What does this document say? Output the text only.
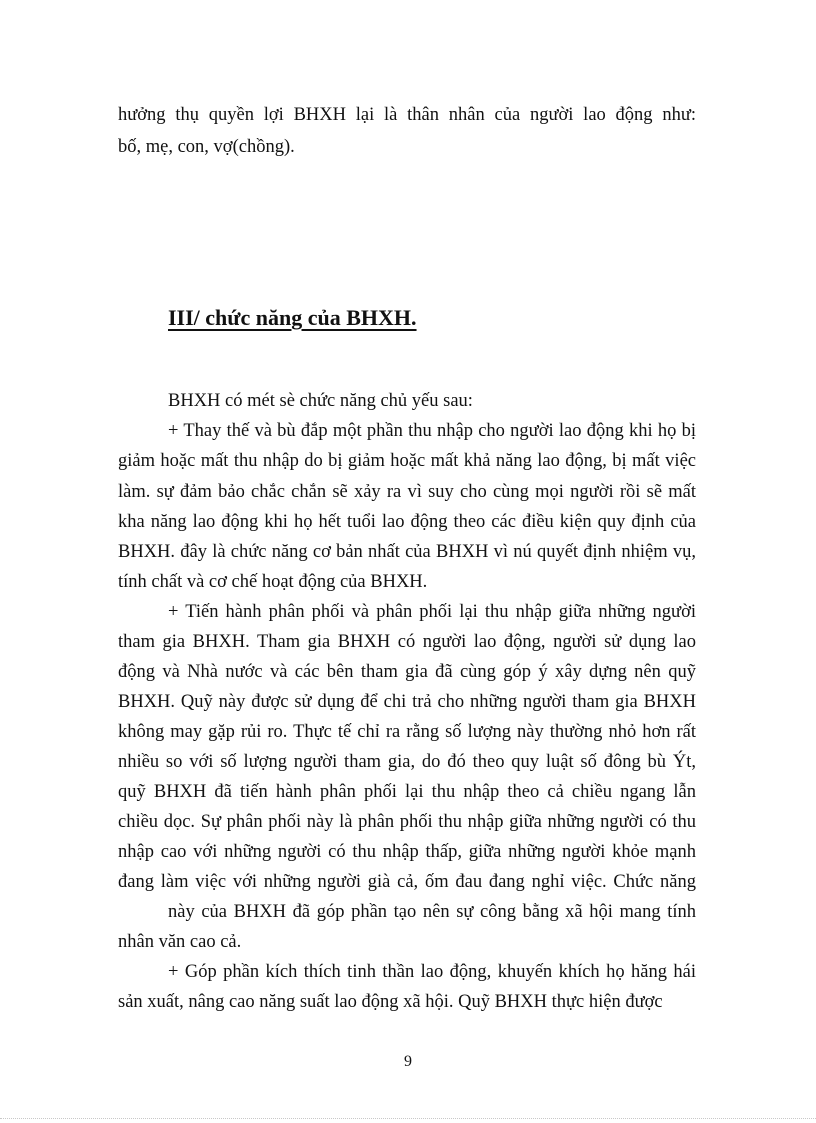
hưởng thụ quyền lợi BHXH lại là thân nhân của người lao động như:
bố, mẹ, con, vợ(chồng).
III/ chức năng của BHXH.
BHXH có mét sè chức năng chủ yếu sau:
+ Thay thế và bù đắp một phần thu nhập cho người lao động khi họ bị
giảm hoặc mất thu nhập do bị giảm hoặc mất khả năng lao động, bị mất việc
làm. sự đảm bảo chắc chắn sẽ xảy ra vì suy cho cùng mọi người rồi sẽ mất
kha năng lao động khi họ hết tuổi lao động theo các điều kiện quy định của
BHXH. đây là chức năng cơ bản nhất của BHXH vì nú quyết định nhiệm vụ,
tính chất và cơ chế hoạt động của BHXH.
+ Tiến hành phân phối và phân phối lại thu nhập giữa những người
tham gia BHXH. Tham gia BHXH có người lao động, người sử dụng lao
động và Nhà nước và các bên tham gia đã cùng góp ý xây dựng nên quỹ
BHXH. Quỹ này được sử dụng để chi trả cho những người tham gia BHXH
không may gặp rủi ro. Thực tế chỉ ra rằng số lượng này thường nhỏ hơn rất
nhiều so với số lượng người tham gia, do đó theo quy luật số đông bù Ýt,
quỹ BHXH đã tiến hành phân phối lại thu nhập theo cả chiều ngang lẫn
chiều dọc. Sự phân phối này là phân phối thu nhập giữa những người có thu
nhập cao với những người có thu nhập thấp, giữa những người khỏe mạnh
đang làm việc với những người già cả, ốm đau đang nghỉ việc. Chức năng
này của BHXH đã góp phần tạo nên sự công bằng xã hội mang tính
nhân văn cao cả.
+ Góp phần kích thích tinh thần lao động, khuyến khích họ hăng hái
sản xuất, nâng cao năng suất lao động xã hội. Quỹ BHXH thực hiện được
9
